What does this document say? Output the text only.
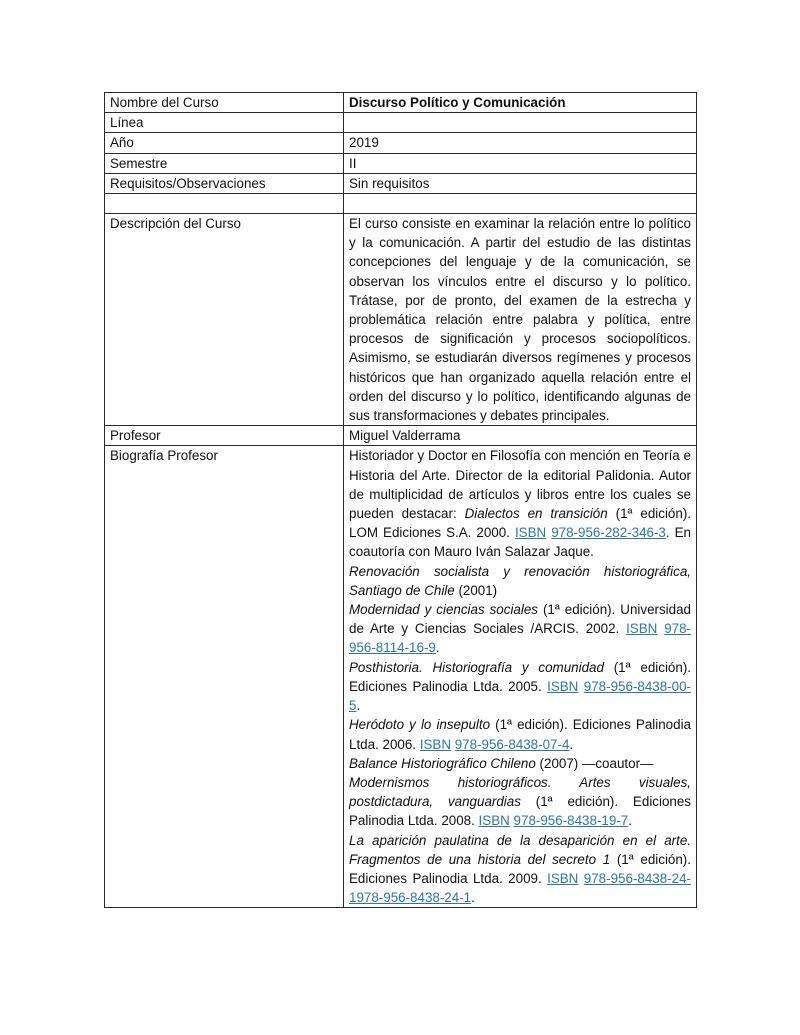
Nombre del Curso	Discurso Político y Comunicación
Línea	
Año	2019
Semestre	II
Requisitos/Observaciones	Sin requisitos

Descripción del Curso	El curso consiste en examinar la relación entre lo político y la comunicación. A partir del estudio de las distintas concepciones del lenguaje y de la comunicación, se observan los vínculos entre el discurso y lo político. Trátase, por de pronto, del examen de la estrecha y problemática relación entre palabra y política, entre procesos de significación y procesos sociopolíticos. Asimismo, se estudiarán diversos regímenes y procesos históricos que han organizado aquella relación entre el orden del discurso y lo político, identificando algunas de sus transformaciones y debates principales.
Profesor	Miguel Valderrama
Biografía Profesor	Historiador y Doctor en Filosofía con mención en Teoría e Historia del Arte. Director de la editorial Palidonia. Autor de multiplicidad de artículos y libros entre los cuales se pueden destacar: Dialectos en transición (1ª edición). LOM Ediciones S.A. 2000. ISBN 978-956-282-346-3. En coautoría con Mauro Iván Salazar Jaque.
Renovación socialista y renovación historiográfica, Santiago de Chile (2001)
Modernidad y ciencias sociales (1ª edición). Universidad de Arte y Ciencias Sociales /ARCIS. 2002. ISBN 978-956-8114-16-9.
Posthistoria. Historiografía y comunidad (1ª edición). Ediciones Palinodia Ltda. 2005. ISBN 978-956-8438-00-5.
Heródoto y lo insepulto (1ª edición). Ediciones Palinodia Ltda. 2006. ISBN 978-956-8438-07-4.
Balance Historiográfico Chileno (2007) —coautor—
Modernismos historiográficos. Artes visuales, postdictadura, vanguardias (1ª edición). Ediciones Palinodia Ltda. 2008. ISBN 978-956-8438-19-7.
La aparición paulatina de la desaparición en el arte. Fragmentos de una historia del secreto 1 (1ª edición). Ediciones Palinodia Ltda. 2009. ISBN 978-956-8438-24-1978-956-8438-24-1.
